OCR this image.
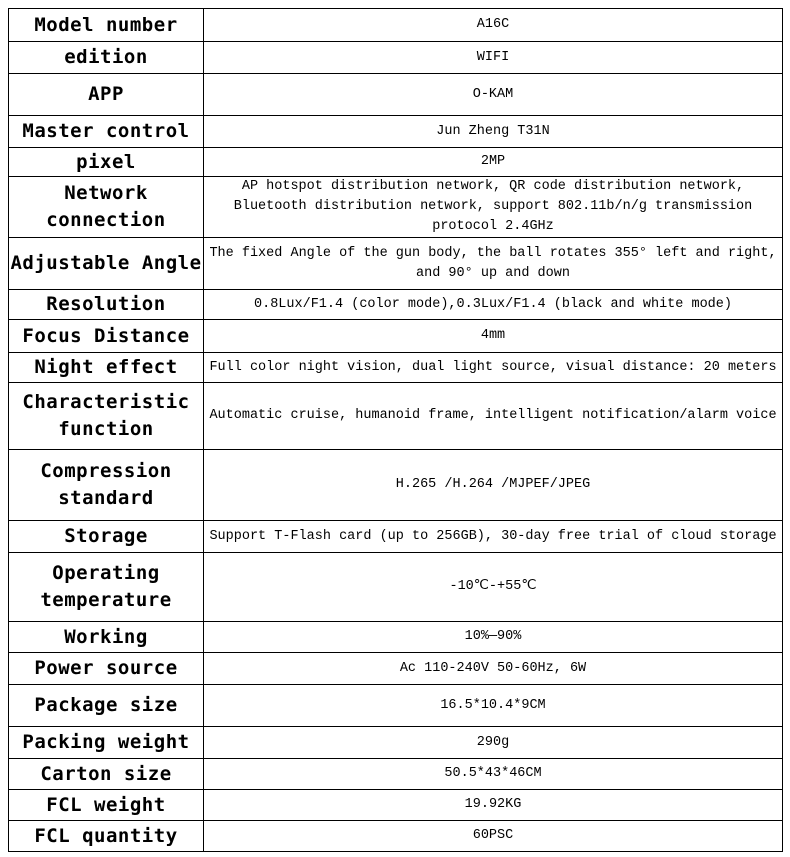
Model number	A16C
edition	WIFI
APP	O-KAM
Master control	Jun Zheng T31N
pixel	2MP
Network connection	AP hotspot distribution network, QR code distribution network, Bluetooth distribution network, support 802.11b/n/g transmission protocol 2.4GHz
Adjustable Angle	The fixed Angle of the gun body, the ball rotates 355° left and right, and 90° up and down
Resolution	0.8Lux/F1.4 (color mode),0.3Lux/F1.4 (black and white mode)
Focus Distance	4mm
Night effect	Full color night vision, dual light source, visual distance: 20 meters
Characteristic function	Automatic cruise, humanoid frame, intelligent notification/alarm voice
Compression standard	H.265 /H.264 /MJPEF/JPEG
Storage	Support T-Flash card (up to 256GB), 30-day free trial of cloud storage
Operating temperature	-10℃-+55℃
Working	10%—90%
Power source	Ac 110-240V 50-60Hz, 6W
Package size	16.5*10.4*9CM
Packing weight	290g
Carton size	50.5*43*46CM
FCL weight	19.92KG
FCL quantity	60PSC
